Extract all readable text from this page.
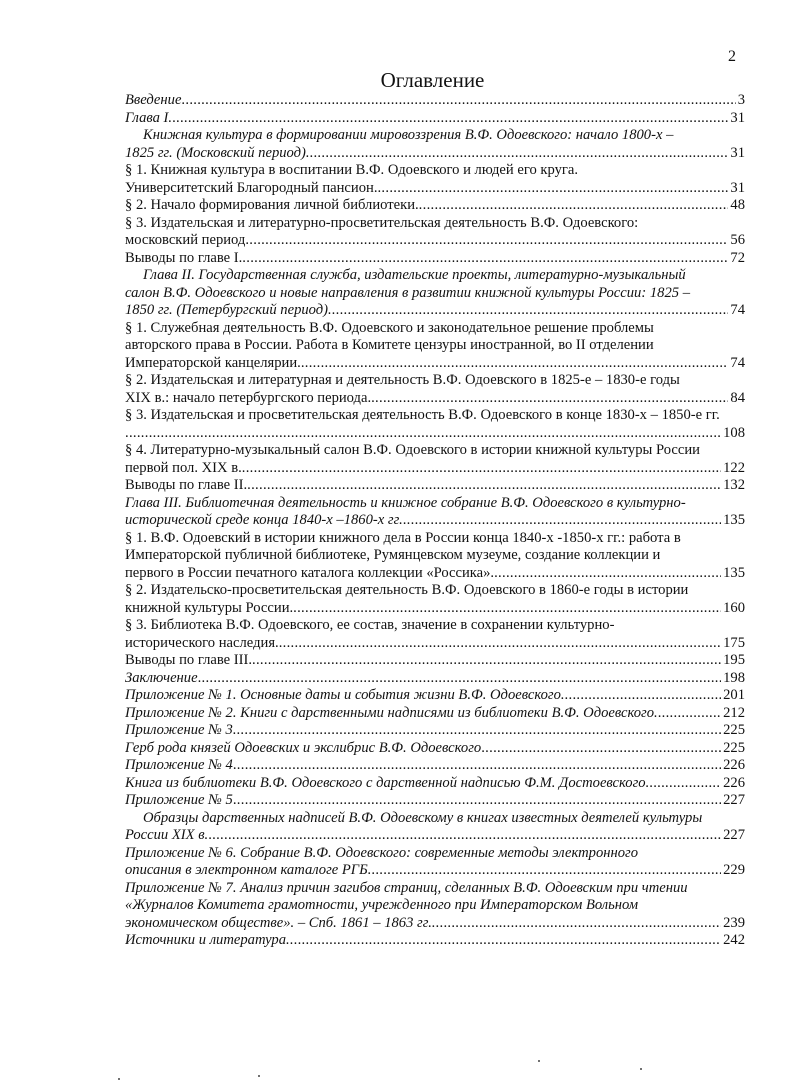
2
Оглавление
Введение .....	3
Глава I. .....	31
Книжная культура в формировании мировоззрения В.Ф. Одоевского: начало 1800-х –
1825 гг. (Московский период). .....	31
§ 1. Книжная культура в воспитании В.Ф. Одоевского и людей его круга.
Университетский Благородный пансион. .....	31
§ 2. Начало формирования личной библиотеки. .....	48
§ 3. Издательская и литературно-просветительская деятельность В.Ф. Одоевского:
московский период .....	56
Выводы по главе I. .....	72
Глава II. Государственная служба, издательские проекты, литературно-музыкальный
салон В.Ф. Одоевского и новые направления в развитии книжной культуры России: 1825 –
1850 гг. (Петербургский период). .....	74
§ 1. Служебная деятельность В.Ф. Одоевского и законодательное решение проблемы
авторского права в России. Работа в Комитете цензуры иностранной, во II отделении
Императорской канцелярии. .....	74
§ 2. Издательская и литературная и деятельность В.Ф. Одоевского в 1825-е – 1830-е годы
XIX в.: начало петербургского периода. .....	84
§ 3. Издательская и просветительская деятельность В.Ф. Одоевского в конце 1830-х – 1850-е гг.
..... 108
§ 4. Литературно-музыкальный салон В.Ф. Одоевского в истории книжной культуры России
первой пол. XIX в. .....	122
Выводы по главе II. .....	132
Глава III. Библиотечная деятельность и книжное собрание В.Ф. Одоевского в культурно-
исторической среде конца 1840-х –1860-х гг. .....	135
§ 1. В.Ф. Одоевский в истории книжного дела в России конца 1840-х -1850-х гг.: работа в
Императорской публичной библиотеке, Румянцевском музеуме, создание коллекции и
первого в России печатного каталога коллекции «Россика». .....	135
§ 2. Издательско-просветительская деятельность В.Ф. Одоевского в 1860-е годы в истории
книжной культуры России. .....	160
§ 3. Библиотека В.Ф. Одоевского, ее состав, значение в сохранении культурно-
исторического наследия. .....	175
Выводы по главе III. .....	195
Заключение .....	198
Приложение № 1. Основные даты и события жизни В.Ф. Одоевского. .....	201
Приложение № 2. Книги с дарственными надписями из библиотеки В.Ф. Одоевского. .....	212
Приложение № 3. .....	225
Герб рода князей Одоевских и экслибрис В.Ф. Одоевского .....	225
Приложение № 4 .....	226
Книга из библиотеки В.Ф. Одоевского с дарственной надписью Ф.М. Достоевского. .....	226
Приложение № 5 .....	227
Образцы дарственных надписей В.Ф. Одоевскому в книгах известных деятелей культуры
России XIX в. .....	227
Приложение № 6. Собрание В.Ф. Одоевского: современные методы электронного
описания в электронном каталоге РГБ. .....	229
Приложение № 7. Анализ причин загибов страниц, сделанных В.Ф. Одоевским при чтении
«Журналов Комитета грамотности, учрежденного при Императорском Вольном
экономическом обществе». – Спб. 1861 – 1863 гг.. .....	239
Источники и литература. .....	242
